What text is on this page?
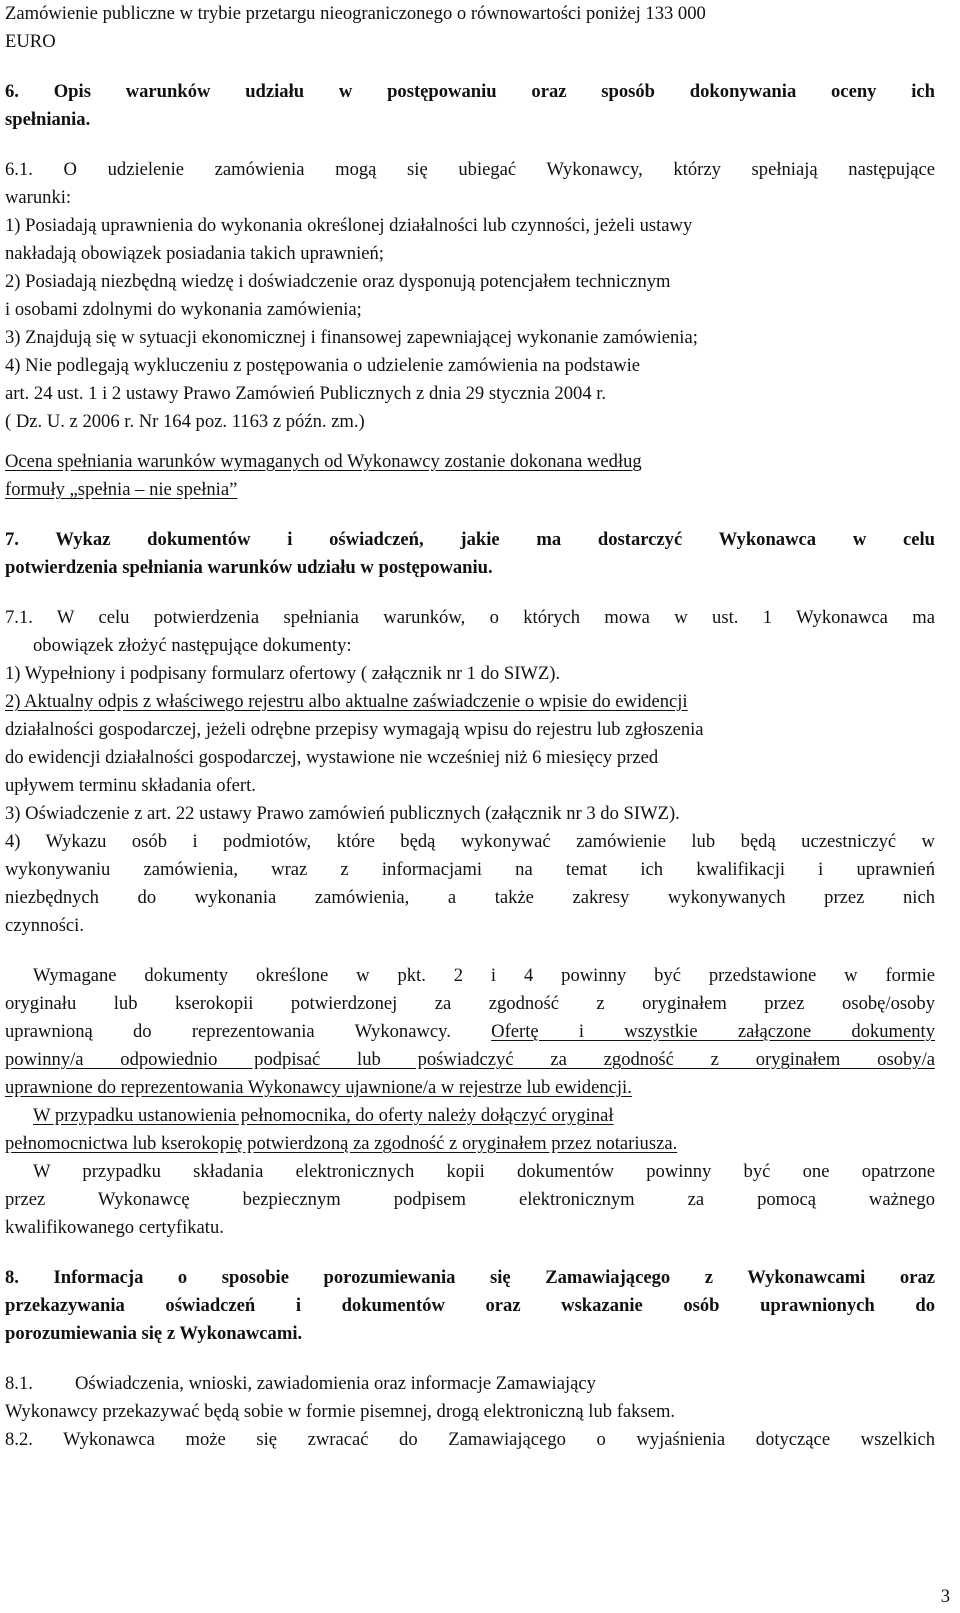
Zamówienie publiczne w trybie przetargu nieograniczonego o równowartości poniżej 133 000
EURO
6. Opis warunków udziału w postępowaniu oraz sposób dokonywania oceny ich
spełniania.
6.1. O udzielenie zamówienia mogą się ubiegać Wykonawcy, którzy spełniają następujące
warunki:
1) Posiadają uprawnienia do wykonania określonej działalności lub czynności, jeżeli ustawy
nakładają obowiązek posiadania takich uprawnień;
2) Posiadają niezbędną wiedzę i doświadczenie oraz dysponują potencjałem technicznym
i osobami zdolnymi do wykonania zamówienia;
3) Znajdują się w sytuacji ekonomicznej i finansowej zapewniającej wykonanie zamówienia;
4) Nie podlegają wykluczeniu z postępowania o udzielenie zamówienia na podstawie
art. 24 ust. 1 i 2 ustawy Prawo Zamówień Publicznych z dnia 29 stycznia 2004 r.
( Dz. U. z 2006 r. Nr 164 poz. 1163 z późn. zm.)
Ocena spełniania warunków wymaganych od Wykonawcy zostanie dokonana według
formuły „spełnia – nie spełnia”
7. Wykaz dokumentów i oświadczeń, jakie ma dostarczyć Wykonawca w celu
potwierdzenia spełniania warunków udziału w postępowaniu.
7.1. W celu potwierdzenia spełniania warunków, o których mowa w ust. 1 Wykonawca ma
obowiązek złożyć następujące dokumenty:
1) Wypełniony i podpisany formularz ofertowy ( załącznik nr 1 do SIWZ).
2) Aktualny odpis z właściwego rejestru albo aktualne zaświadczenie o wpisie do ewidencji
działalności gospodarczej, jeżeli odrębne przepisy wymagają wpisu do rejestru lub zgłoszenia
do ewidencji działalności gospodarczej, wystawione nie wcześniej niż 6 miesięcy przed
upływem terminu składania ofert.
3) Oświadczenie z art. 22 ustawy Prawo zamówień publicznych (załącznik nr 3 do SIWZ).
4) Wykazu osób i podmiotów, które będą wykonywać zamówienie lub będą uczestniczyć w
wykonywaniu zamówienia, wraz z informacjami na temat ich kwalifikacji i uprawnień
niezbędnych do wykonania zamówienia, a także zakresy wykonywanych przez nich
czynności.
Wymagane dokumenty określone w pkt. 2 i 4 powinny być przedstawione w formie
oryginału lub kserokopii potwierdzonej za zgodność z oryginałem przez osobę/osoby
uprawnioną do reprezentowania Wykonawcy. Ofertę i wszystkie załączone dokumenty
powinny/a odpowiednio podpisać lub poświadczyć za zgodność z oryginałem osoby/a
uprawnione do reprezentowania Wykonawcy ujawnione/a w rejestrze lub ewidencji.
W przypadku ustanowienia pełnomocnika, do oferty należy dołączyć oryginał
pełnomocnictwa lub kserokopię potwierdzoną za zgodność z oryginałem przez notariusza.
W przypadku składania elektronicznych kopii dokumentów powinny być one opatrzone
przez Wykonawcę bezpiecznym podpisem elektronicznym za pomocą ważnego
kwalifikowanego certyfikatu.
8. Informacja o sposobie porozumiewania się Zamawiającego z Wykonawcami oraz
przekazywania oświadczeń i dokumentów oraz wskazanie osób uprawnionych do
porozumiewania się z Wykonawcami.
8.1. Oświadczenia, wnioski, zawiadomienia oraz informacje Zamawiający
Wykonawcy przekazywać będą sobie w formie pisemnej, drogą elektroniczną lub faksem.
8.2. Wykonawca może się zwracać do Zamawiającego o wyjaśnienia dotyczące wszelkich
3
